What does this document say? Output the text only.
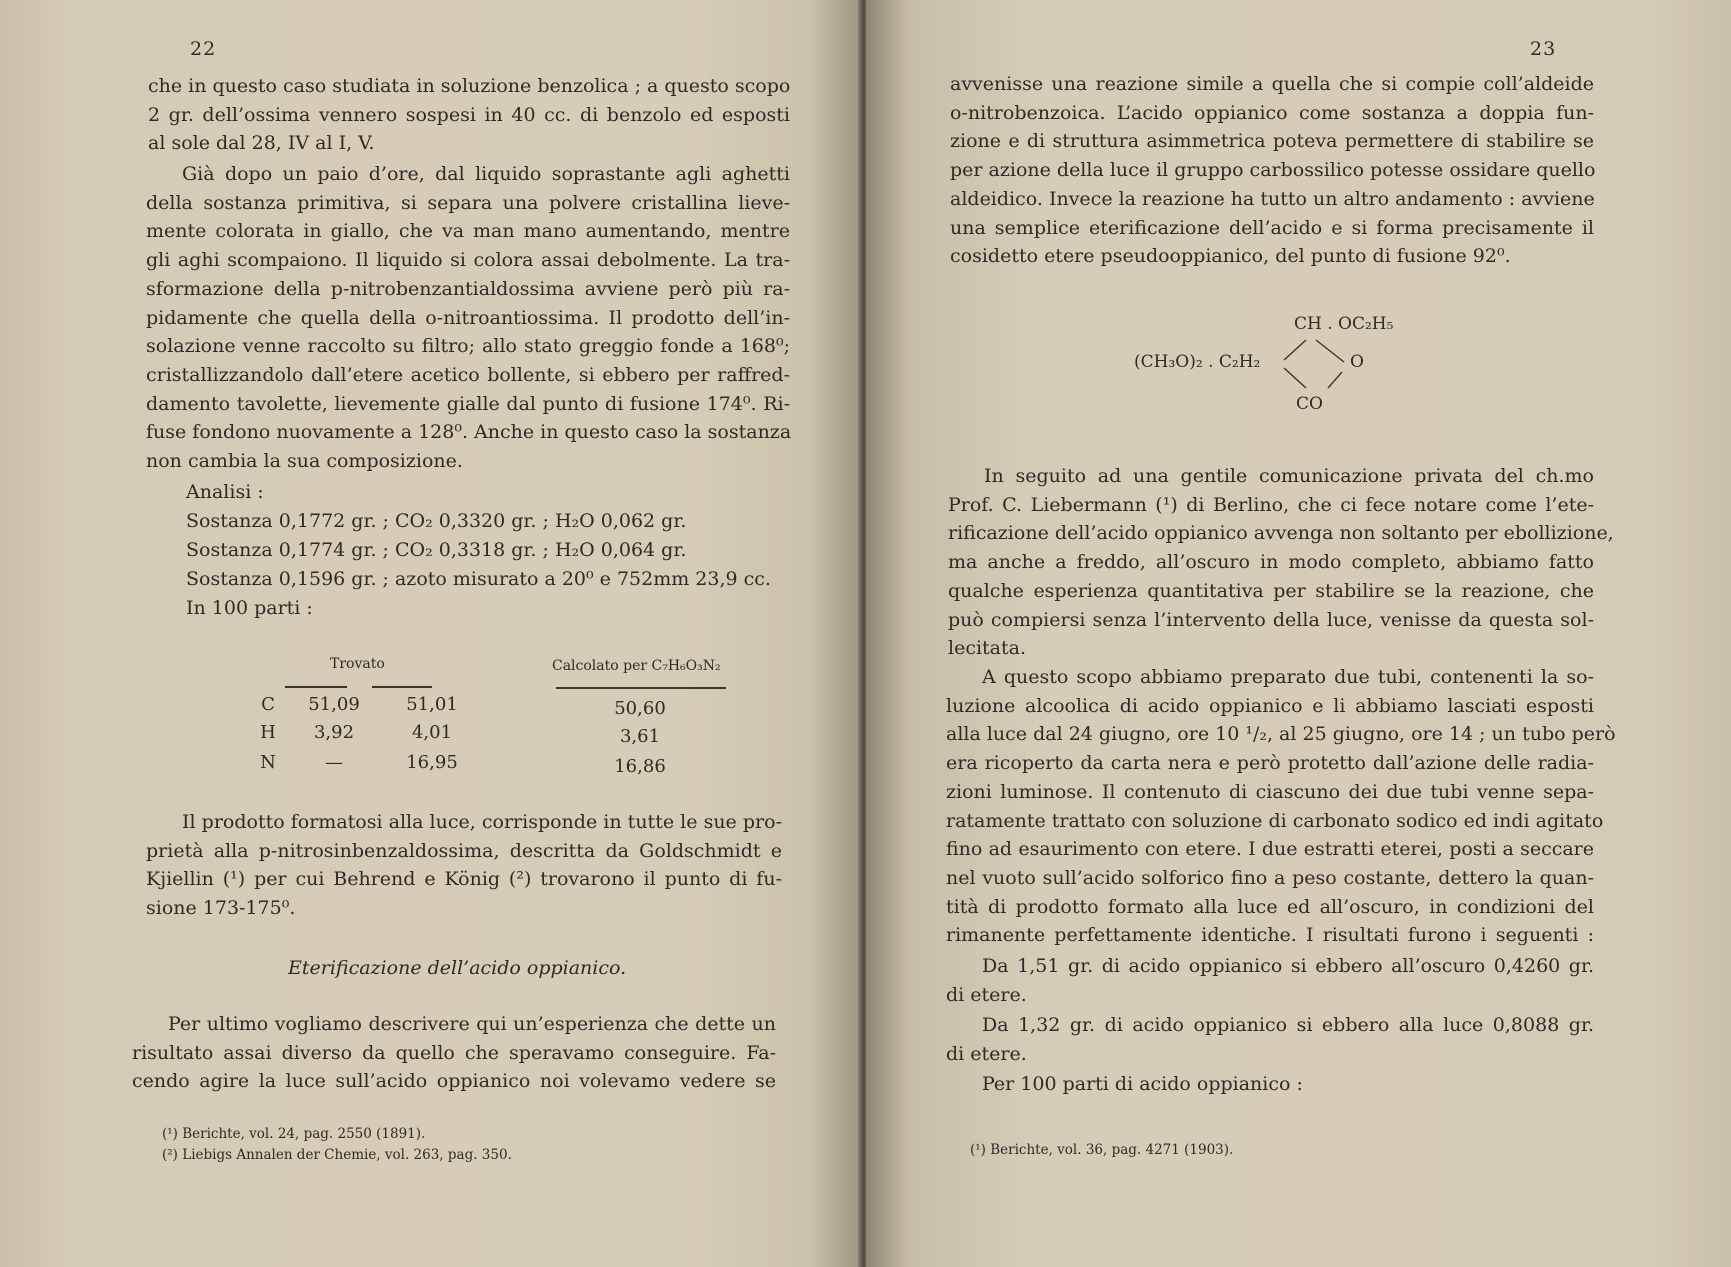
22
che in questo caso studiata in soluzione benzolica ; a questo scopo
2 gr. dell’ossima vennero sospesi in 40 cc. di benzolo ed esposti
al sole dal 28, IV al I, V.
Già dopo un paio d’ore, dal liquido soprastante agli aghetti
della sostanza primitiva, si separa una polvere cristallina lieve-
mente colorata in giallo, che va man mano aumentando, mentre
gli aghi scompaiono. Il liquido si colora assai debolmente. La tra-
sformazione della p-nitrobenzantialdossima avviene però più ra-
pidamente che quella della o-nitroantiossima. Il prodotto dell’in-
solazione venne raccolto su filtro; allo stato greggio fonde a 168⁰;
cristallizzandolo dall’etere acetico bollente, si ebbero per raffred-
damento tavolette, lievemente gialle dal punto di fusione 174⁰. Ri-
fuse fondono nuovamente a 128⁰. Anche in questo caso la sostanza
non cambia la sua composizione.
Analisi :
Sostanza 0,1772 gr. ; CO₂ 0,3320 gr. ; H₂O 0,062 gr.
Sostanza 0,1774 gr. ; CO₂ 0,3318 gr. ; H₂O 0,064 gr.
Sostanza 0,1596 gr. ; azoto misurato a 20⁰ e 752mm 23,9 cc.
In 100 parti :
Trovato	Calcolato per C₇H₆O₃N₂
C 51,09	51,01	50,60
H	3,92	4,01	3,61
N	—	16,95	16,86
Il prodotto formatosi alla luce, corrisponde in tutte le sue pro-
prietà alla p-nitrosinbenzaldossima, descritta da Goldschmidt e
Kjiellin (¹) per cui Behrend e König (²) trovarono il punto di fu-
sione 173-175⁰.
Eterificazione dell’acido oppianico.
Per ultimo vogliamo descrivere qui un’esperienza che dette un
risultato assai diverso da quello che speravamo conseguire. Fa-
cendo agire la luce sull’acido oppianico noi volevamo vedere se
(¹) Berichte, vol. 24, pag. 2550 (1891).
(²) Liebigs Annalen der Chemie, vol. 263, pag. 350.
23
avvenisse una reazione simile a quella che si compie coll’aldeide
o-nitrobenzoica. L’acido oppianico come sostanza a doppia fun-
zione e di struttura asimmetrica poteva permettere di stabilire se
per azione della luce il gruppo carbossilico potesse ossidare quello
aldeidico. Invece la reazione ha tutto un altro andamento : avviene
una semplice eterificazione dell’acido e si forma precisamente il
cosidetto etere pseudooppianico, del punto di fusione 92⁰.
CH . OC₂H₅
(CH₃O)₂ . C₂H₂	O
CO
In seguito ad una gentile comunicazione privata del ch.mo
Prof. C. Liebermann (¹) di Berlino, che ci fece notare come l’ete-
rificazione dell’acido oppianico avvenga non soltanto per ebollizione,
ma anche a freddo, all’oscuro in modo completo, abbiamo fatto
qualche esperienza quantitativa per stabilire se la reazione, che
può compiersi senza l’intervento della luce, venisse da questa sol-
lecitata.
A questo scopo abbiamo preparato due tubi, contenenti la so-
luzione alcoolica di acido oppianico e li abbiamo lasciati esposti
alla luce dal 24 giugno, ore 10 ¹/₂, al 25 giugno, ore 14 ; un tubo però
era ricoperto da carta nera e però protetto dall’azione delle radia-
zioni luminose. Il contenuto di ciascuno dei due tubi venne sepa-
ratamente trattato con soluzione di carbonato sodico ed indi agitato
fino ad esaurimento con etere. I due estratti eterei, posti a seccare
nel vuoto sull’acido solforico fino a peso costante, dettero la quan-
tità di prodotto formato alla luce ed all’oscuro, in condizioni del
rimanente perfettamente identiche. I risultati furono i seguenti :
Da 1,51 gr. di acido oppianico si ebbero all’oscuro 0,4260 gr.
di etere.
Da 1,32 gr. di acido oppianico si ebbero alla luce 0,8088 gr.
di etere.
Per 100 parti di acido oppianico :
(¹) Berichte, vol. 36, pag. 4271 (1903).
